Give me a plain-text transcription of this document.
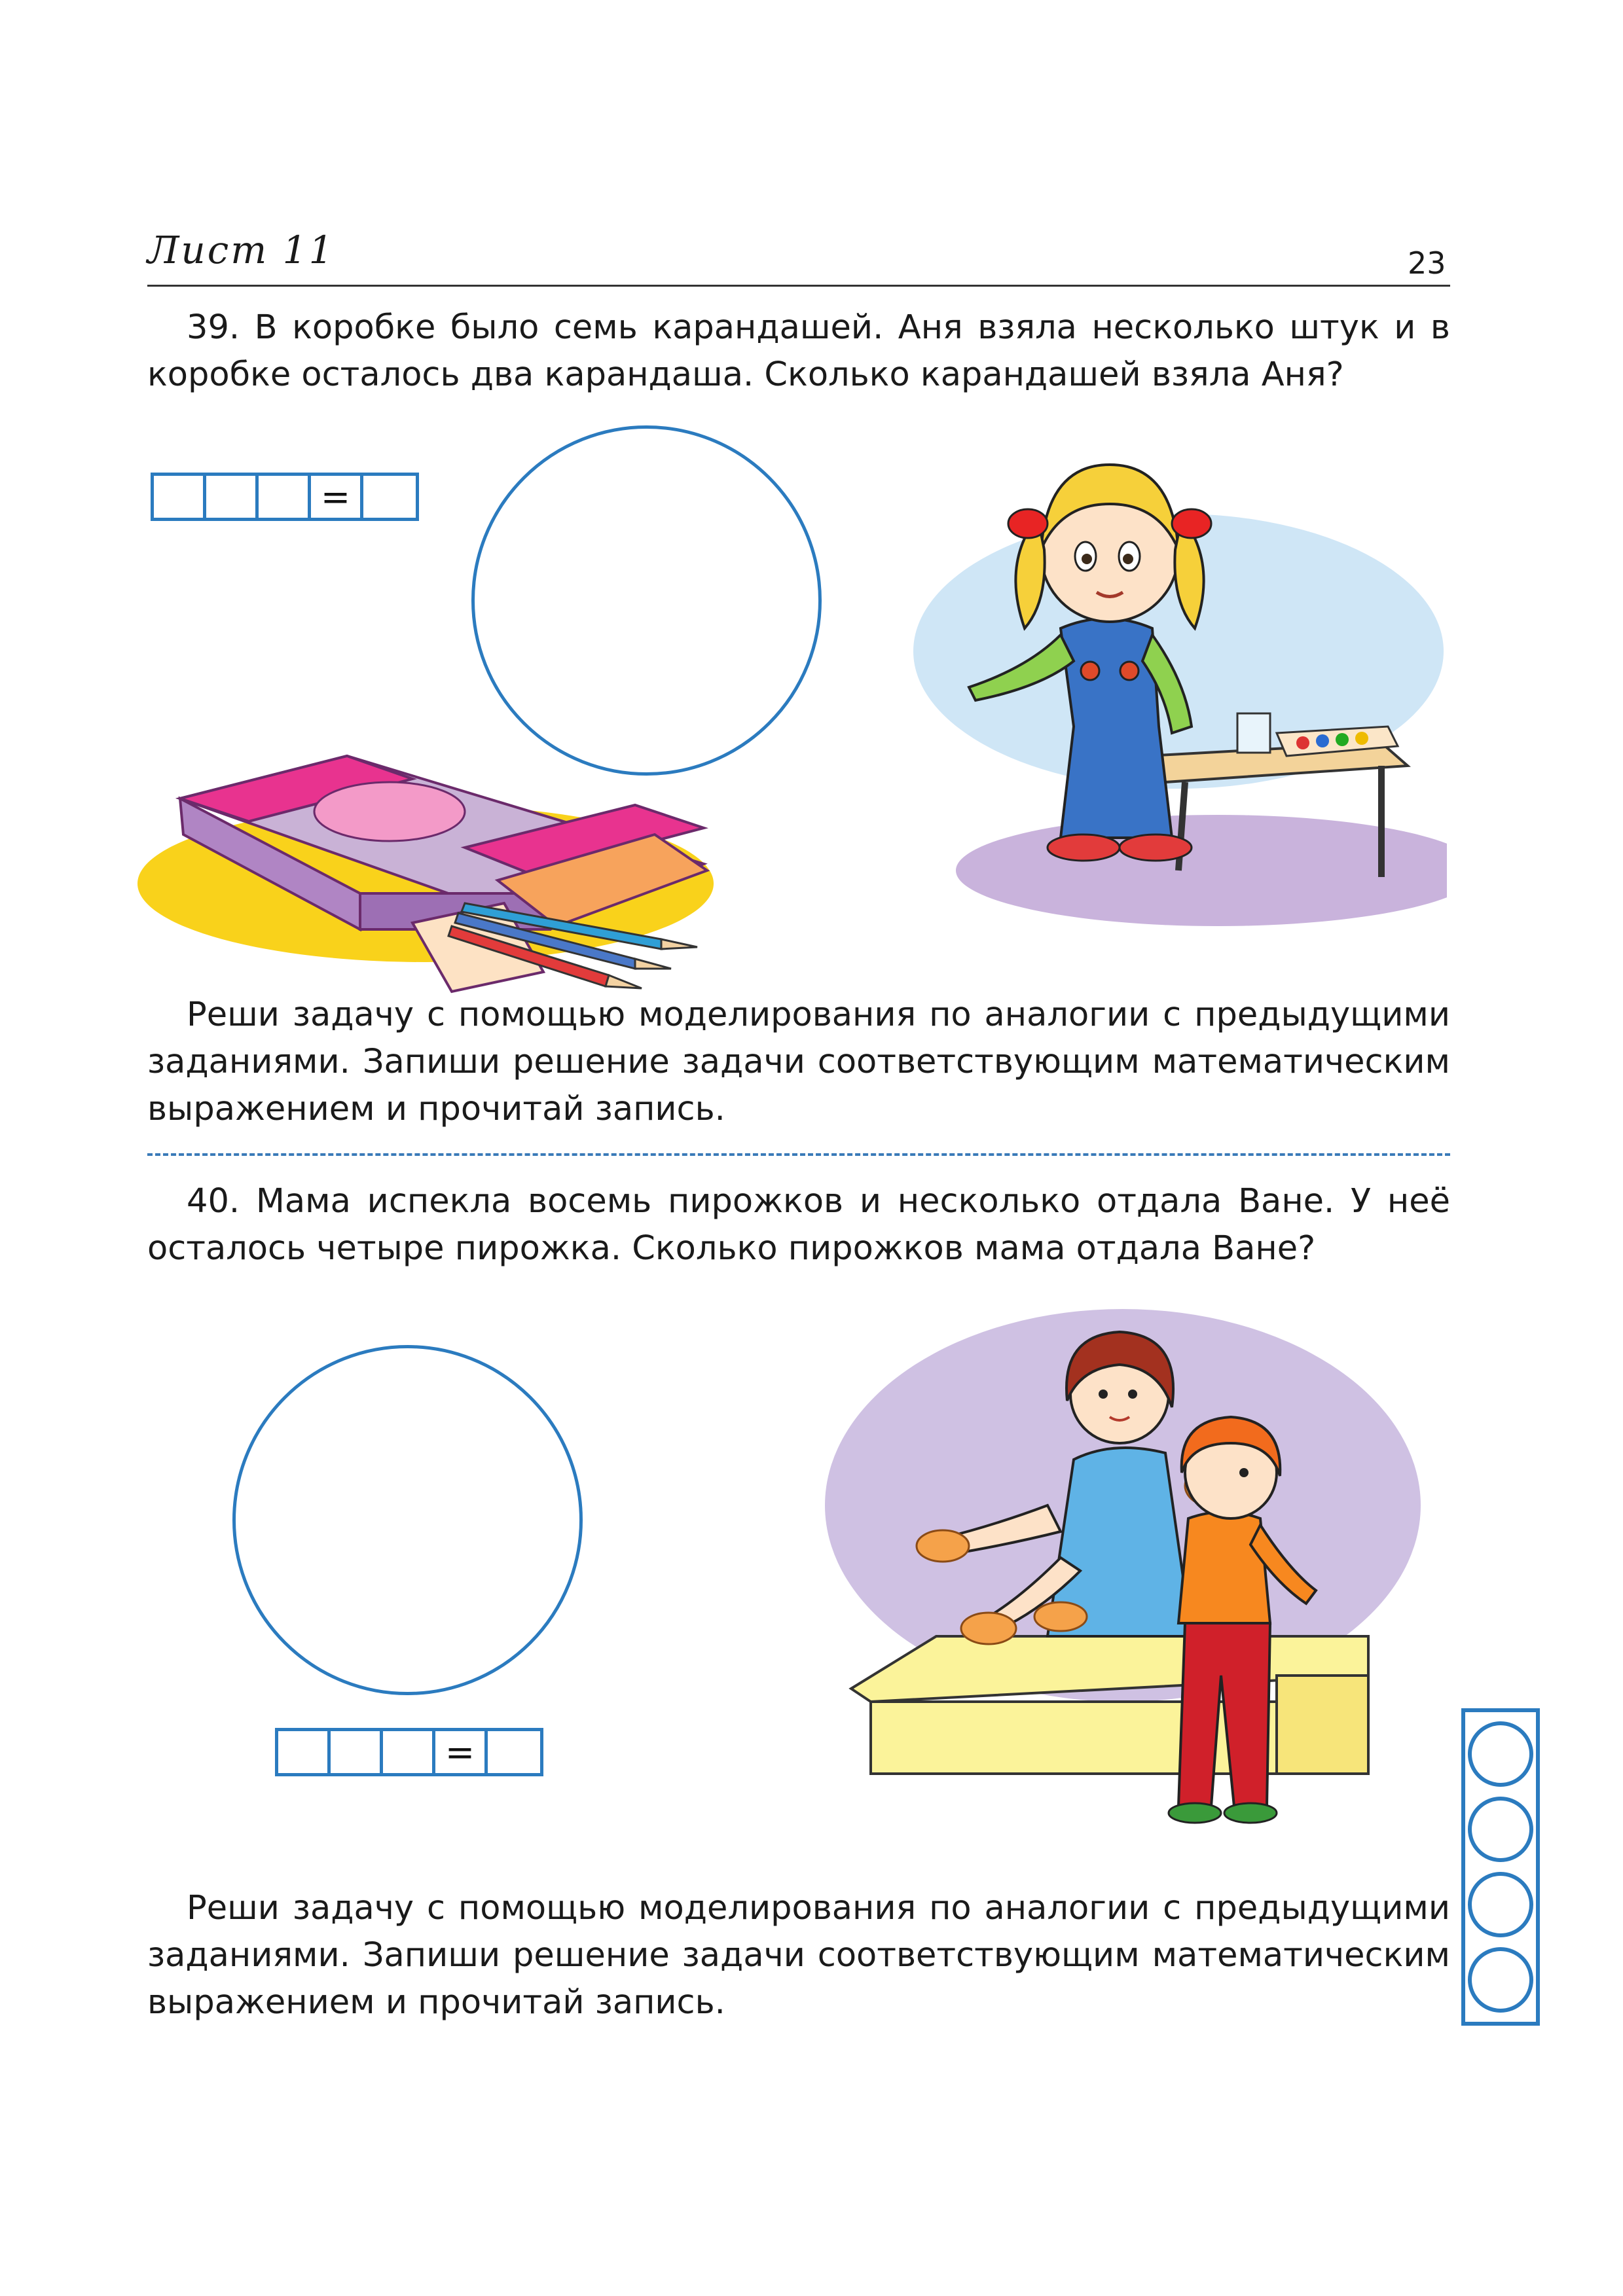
Лист 11	23
39. В коробке было семь карандашей. Аня взяла несколько штук и в коробке осталось два карандаша. Сколько карандашей взяла Аня?
=
Реши задачу с помощью моделирования по аналогии с предыдущими заданиями. Запиши решение задачи соответствующим математическим выражением и прочитай запись.
40. Мама испекла восемь пирожков и несколько отдала Ване. У неё осталось четыре пирожка. Сколько пирожков мама отдала Ване?
=
Реши задачу с помощью моделирования по аналогии с предыдущими заданиями. Запиши решение задачи соответствующим математическим выражением и прочитай запись.
